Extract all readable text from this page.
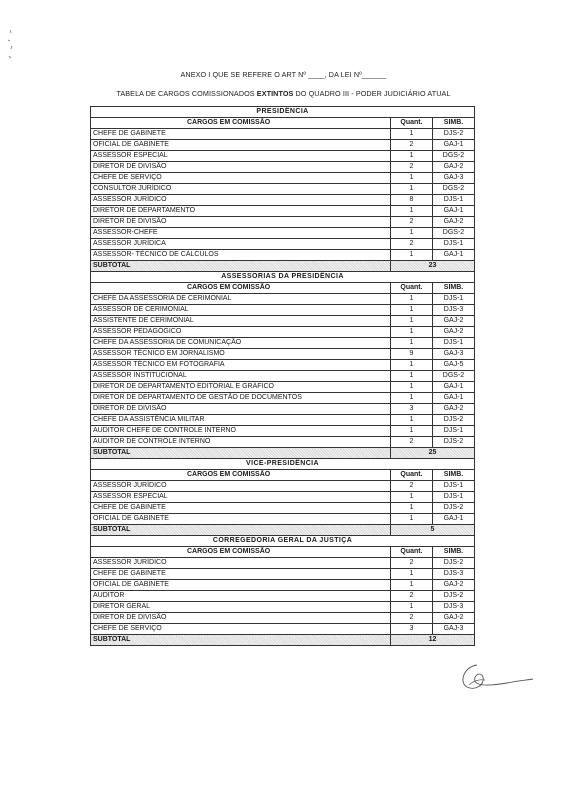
ANEXO I QUE SE REFERE O ART Nº ____, DA LEI Nº______
TABELA DE CARGOS COMISSIONADOS EXTINTOS DO QUADRO III - PODER JUDICIÁRIO ATUAL
PRESIDÊNCIA		
CARGOS EM COMISSÃO	Quant.	SIMB.
CHEFE DE GABINETE	1	DJS-2
OFICIAL DE GABINETE	2	GAJ-1
ASSESSOR ESPECIAL	1	DGS-2
DIRETOR DE DIVISÃO	2	GAJ-2
CHEFE DE SERVIÇO	1	GAJ-3
CONSULTOR JURÍDICO	1	DGS-2
ASSESSOR JURÍDICO	8	DJS-1
DIRETOR DE DEPARTAMENTO	1	GAJ-1
DIRETOR DE DIVISÃO	2	GAJ-2
ASSESSOR-CHEFE	1	DGS-2
ASSESSOR JURÍDICA	2	DJS-1
ASSESSOR- TÉCNICO DE CÁLCULOS	1	GAJ-1
SUBTOTAL	23	
ASSESSORIAS DA PRESIDÊNCIA		
CARGOS EM COMISSÃO	Quant.	SIMB.
CHEFE DA ASSESSORIA DE CERIMONIAL	1	DJS-1
ASSESSOR DE CERIMONIAL	1	DJS-3
ASSISTENTE DE CERIMONIAL	1	GAJ-2
ASSESSOR PEDAGÓGICO	1	GAJ-2
CHEFE DA ASSESSORIA DE COMUNICAÇÃO	1	DJS-1
ASSESSOR TÉCNICO EM JORNALISMO	9	GAJ-3
ASSESSOR TÉCNICO EM FOTOGRAFIA	1	GAJ-5
ASSESSOR INSTITUCIONAL	1	DGS-2
DIRETOR DE DEPARTAMENTO EDITORIAL E GRÁFICO	1	GAJ-1
DIRETOR DE DEPARTAMENTO DE GESTÃO DE DOCUMENTOS	1	GAJ-1
DIRETOR DE DIVISÃO	3	GAJ-2
CHEFE DA ASSISTÊNCIA MILITAR	1	DJS-2
AUDITOR CHEFE DE CONTROLE INTERNO	1	DJS-1
AUDITOR DE CONTROLE INTERNO	2	DJS-2
SUBTOTAL	25	
VICE-PRESIDÊNCIA		
CARGOS EM COMISSÃO	Quant.	SIMB.
ASSESSOR JURÍDICO	2	DJS-1
ASSESSOR ESPECIAL	1	DJS-1
CHEFE DE GABINETE	1	DJS-2
OFICIAL DE GABINETE	1	GAJ-1
SUBTOTAL	5	
CORREGEDORIA GERAL DA JUSTIÇA		
CARGOS EM COMISSÃO	Quant.	SIMB.
ASSESSOR JURÍDICO	2	DJS-2
CHEFE DE GABINETE	1	DJS-3
OFICIAL DE GABINETE	1	GAJ-2
AUDITOR	2	DJS-2
DIRETOR GERAL	1	DJS-3
DIRETOR DE DIVISÃO	2	GAJ-2
CHEFE DE SERVIÇO	3	GAJ-3
SUBTOTAL	12	
